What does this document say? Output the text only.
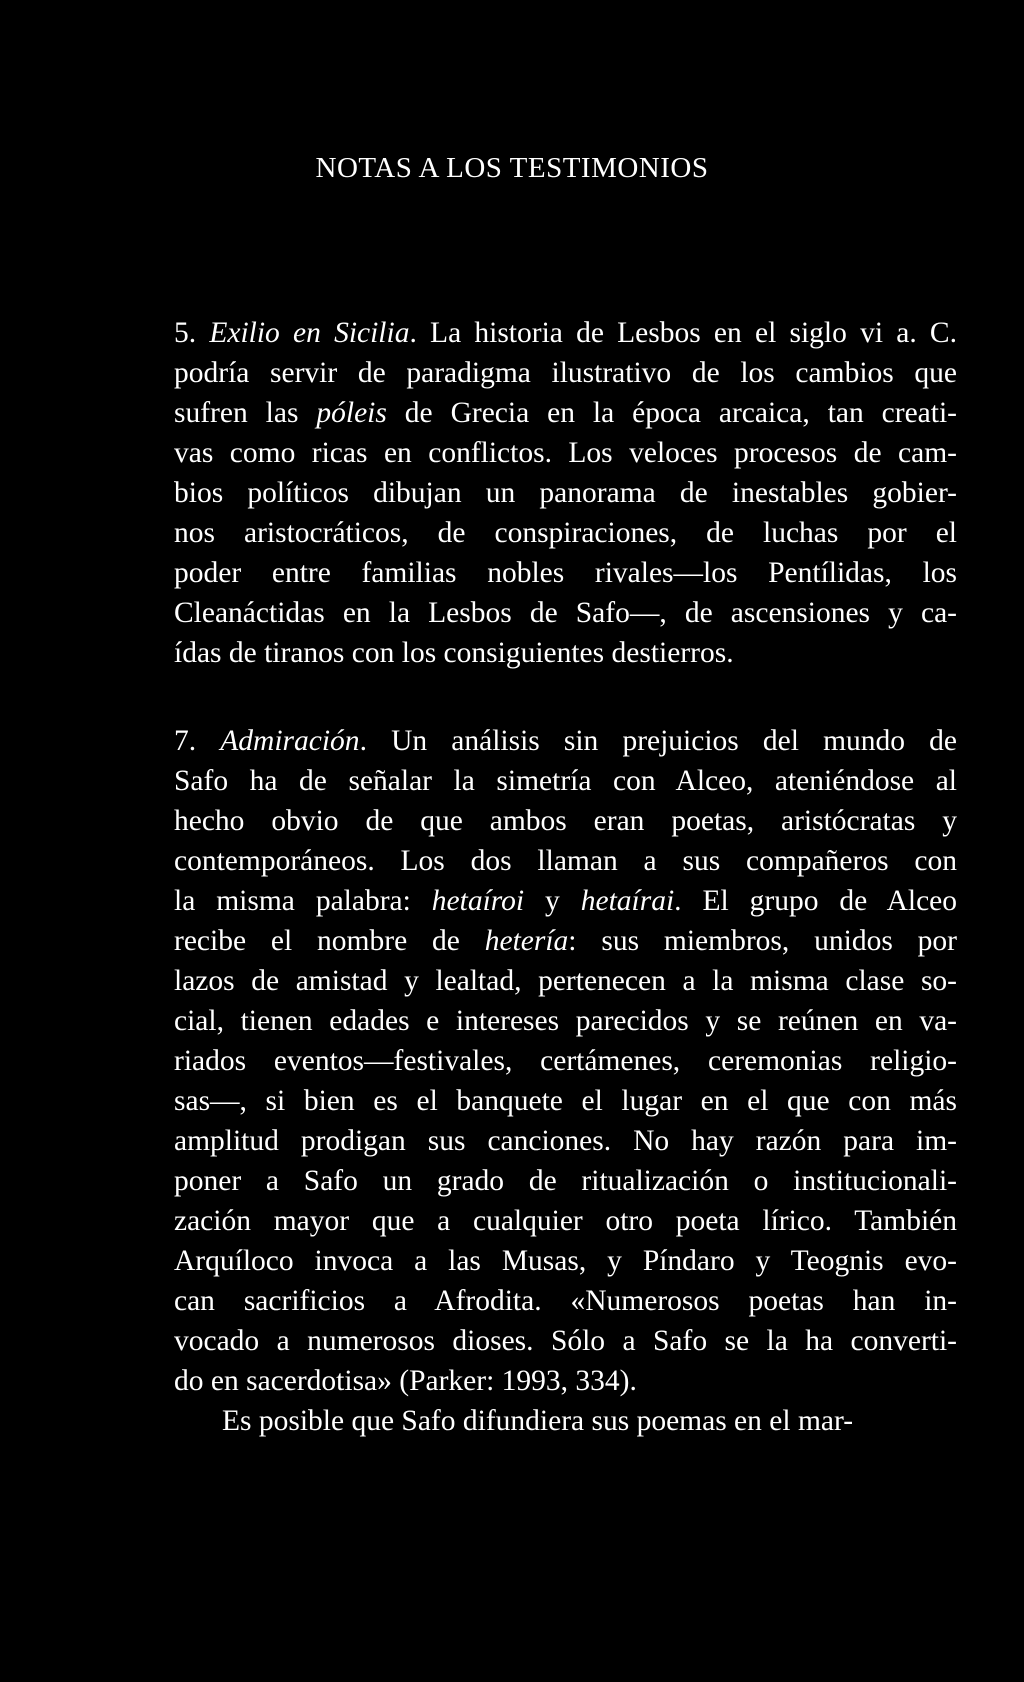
NOTAS A LOS TESTIMONIOS
5. Exilio en Sicilia. La historia de Lesbos en el siglo vi a. C.
podría servir de paradigma ilustrativo de los cambios que
sufren las póleis de Grecia en la época arcaica, tan creati-
vas como ricas en conflictos. Los veloces procesos de cam-
bios políticos dibujan un panorama de inestables gobier-
nos aristocráticos, de conspiraciones, de luchas por el
poder entre familias nobles rivales—los Pentílidas, los
Cleanáctidas en la Lesbos de Safo—, de ascensiones y ca-
ídas de tiranos con los consiguientes destierros.
7. Admiración. Un análisis sin prejuicios del mundo de
Safo ha de señalar la simetría con Alceo, ateniéndose al
hecho obvio de que ambos eran poetas, aristócratas y
contemporáneos. Los dos llaman a sus compañeros con
la misma palabra: hetaíroi y hetaírai. El grupo de Alceo
recibe el nombre de hetería: sus miembros, unidos por
lazos de amistad y lealtad, pertenecen a la misma clase so-
cial, tienen edades e intereses parecidos y se reúnen en va-
riados eventos—festivales, certámenes, ceremonias religio-
sas—, si bien es el banquete el lugar en el que con más
amplitud prodigan sus canciones. No hay razón para im-
poner a Safo un grado de ritualización o institucionali-
zación mayor que a cualquier otro poeta lírico. También
Arquíloco invoca a las Musas, y Píndaro y Teognis evo-
can sacrificios a Afrodita. «Numerosos poetas han in-
vocado a numerosos dioses. Sólo a Safo se la ha converti-
do en sacerdotisa» (Parker: 1993, 334).
Es posible que Safo difundiera sus poemas en el mar-
